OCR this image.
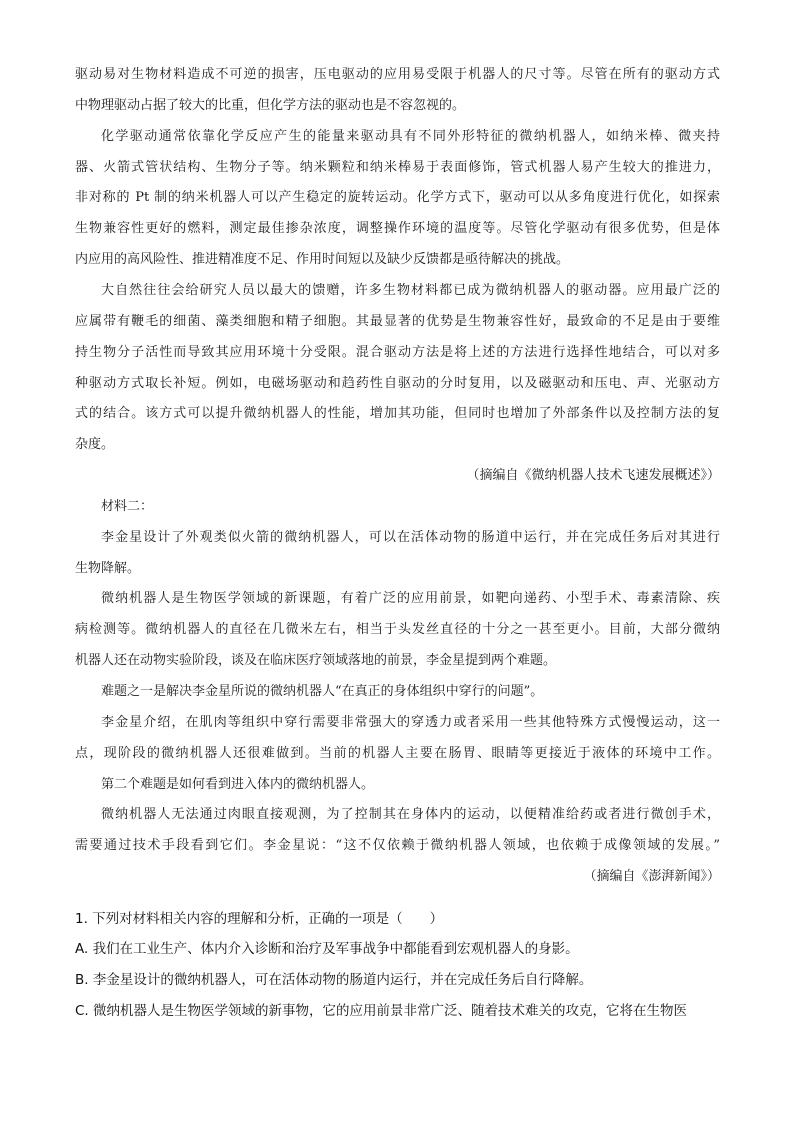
驱动易对生物材料造成不可逆的损害，压电驱动的应用易受限于机器人的尺寸等。尽管在所有的驱动方式
中物理驱动占据了较大的比重，但化学方法的驱动也是不容忽视的。
化学驱动通常依靠化学反应产生的能量来驱动具有不同外形特征的微纳机器人，如纳米棒、微夹持
器、火箭式管状结构、生物分子等。纳米颗粒和纳米棒易于表面修饰，管式机器人易产生较大的推进力，
非对称的 Pt 制的纳米机器人可以产生稳定的旋转运动。化学方式下，驱动可以从多角度进行优化，如探索
生物兼容性更好的燃料，测定最佳掺杂浓度，调整操作环境的温度等。尽管化学驱动有很多优势，但是体
内应用的高风险性、推进精准度不足、作用时间短以及缺少反馈都是亟待解决的挑战。
大自然往往会给研究人员以最大的馈赠，许多生物材料都已成为微纳机器人的驱动器。应用最广泛的
应属带有鞭毛的细菌、藻类细胞和精子细胞。其最显著的优势是生物兼容性好，最致命的不足是由于要维
持生物分子活性而导致其应用环境十分受限。混合驱动方法是将上述的方法进行选择性地结合，可以对多
种驱动方式取长补短。例如，电磁场驱动和趋药性自驱动的分时复用，以及磁驱动和压电、声、光驱动方
式的结合。该方式可以提升微纳机器人的性能，增加其功能，但同时也增加了外部条件以及控制方法的复
杂度。
（摘编自《微纳机器人技术飞速发展概述》）
材料二：
李金星设计了外观类似火箭的微纳机器人，可以在活体动物的肠道中运行，并在完成任务后对其进行
生物降解。
微纳机器人是生物医学领域的新课题，有着广泛的应用前景，如靶向递药、小型手术、毒素清除、疾
病检测等。微纳机器人的直径在几微米左右，相当于头发丝直径的十分之一甚至更小。目前，大部分微纳
机器人还在动物实验阶段，谈及在临床医疗领域落地的前景，李金星提到两个难题。
难题之一是解决李金星所说的微纳机器人“在真正的身体组织中穿行的问题”。
李金星介绍，在肌肉等组织中穿行需要非常强大的穿透力或者采用一些其他特殊方式慢慢运动，这一
点，现阶段的微纳机器人还很难做到。当前的机器人主要在肠胃、眼睛等更接近于液体的环境中工作。
第二个难题是如何看到进入体内的微纳机器人。
微纳机器人无法通过肉眼直接观测，为了控制其在身体内的运动，以便精准给药或者进行微创手术，
需要通过技术手段看到它们。李金星说：“这不仅依赖于微纳机器人领域，也依赖于成像领域的发展。”
（摘编自《澎湃新闻》）
1. 下列对材料相关内容的理解和分析，正确的一项是（　　）
A. 我们在工业生产、体内介入诊断和治疗及军事战争中都能看到宏观机器人的身影。
B. 李金星设计的微纳机器人，可在活体动物的肠道内运行，并在完成任务后自行降解。
C. 微纳机器人是生物医学领域的新事物，它的应用前景非常广泛、随着技术难关的攻克，它将在生物医
